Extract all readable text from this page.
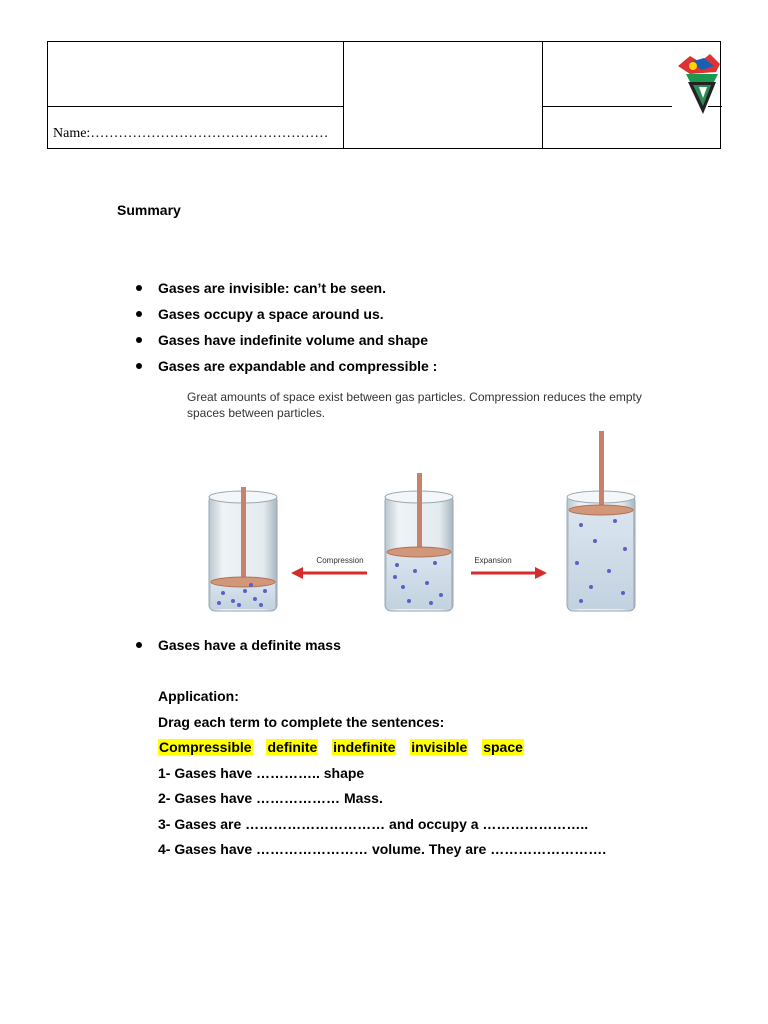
Name:……………………………………………
Summary
Gases are invisible: can’t be seen.
Gases occupy a space around us.
Gases have indefinite volume and shape
Gases are expandable and compressible :
Great amounts of space exist between gas particles. Compression reduces the empty spaces between particles.
Compression	Expansion
Gases have a definite mass
Application:
Drag each term to complete the sentences:
Compressible definite indefinite invisible space
1- Gases have ………….. shape
2- Gases have ……………… Mass.
3- Gases are ………………………… and occupy a …………………..
4- Gases have …………………… volume. They are …………………….
